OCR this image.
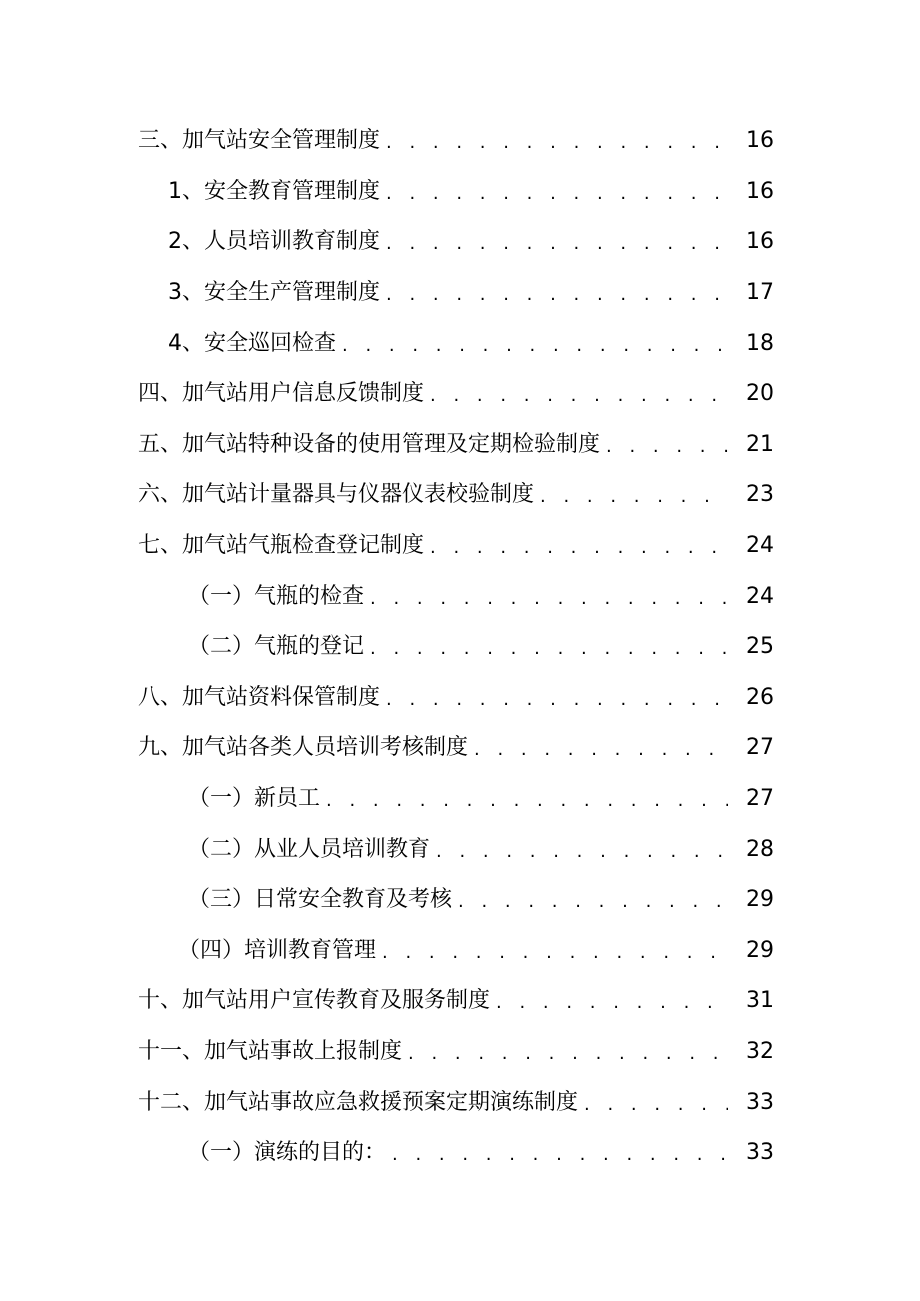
三、加气站安全管理制度 . . .	16
1、安全教育管理制度 . . .	16
2、人员培训教育制度 . . .	16
3、安全生产管理制度 . . .	17
4、安全巡回检查 . . .	18
四、加气站用户信息反馈制度 . . .	20
五、加气站特种设备的使用管理及定期检验制度 . . .	21
六、加气站计量器具与仪器仪表校验制度 . . .	23
七、加气站气瓶检查登记制度 . . .	24
（一）气瓶的检查 . . .	24
（二）气瓶的登记 . . .	25
八、加气站资料保管制度 . . .	26
九、加气站各类人员培训考核制度 . . .	27
（一）新员工 . . .	27
（二）从业人员培训教育 . . .	28
（三）日常安全教育及考核 . . .	29
（四）培训教育管理 . . .	29
十、加气站用户宣传教育及服务制度 . . .	31
十一、加气站事故上报制度 . . .	32
十二、加气站事故应急救援预案定期演练制度 . . .	33
（一）演练的目的： . . .	33
